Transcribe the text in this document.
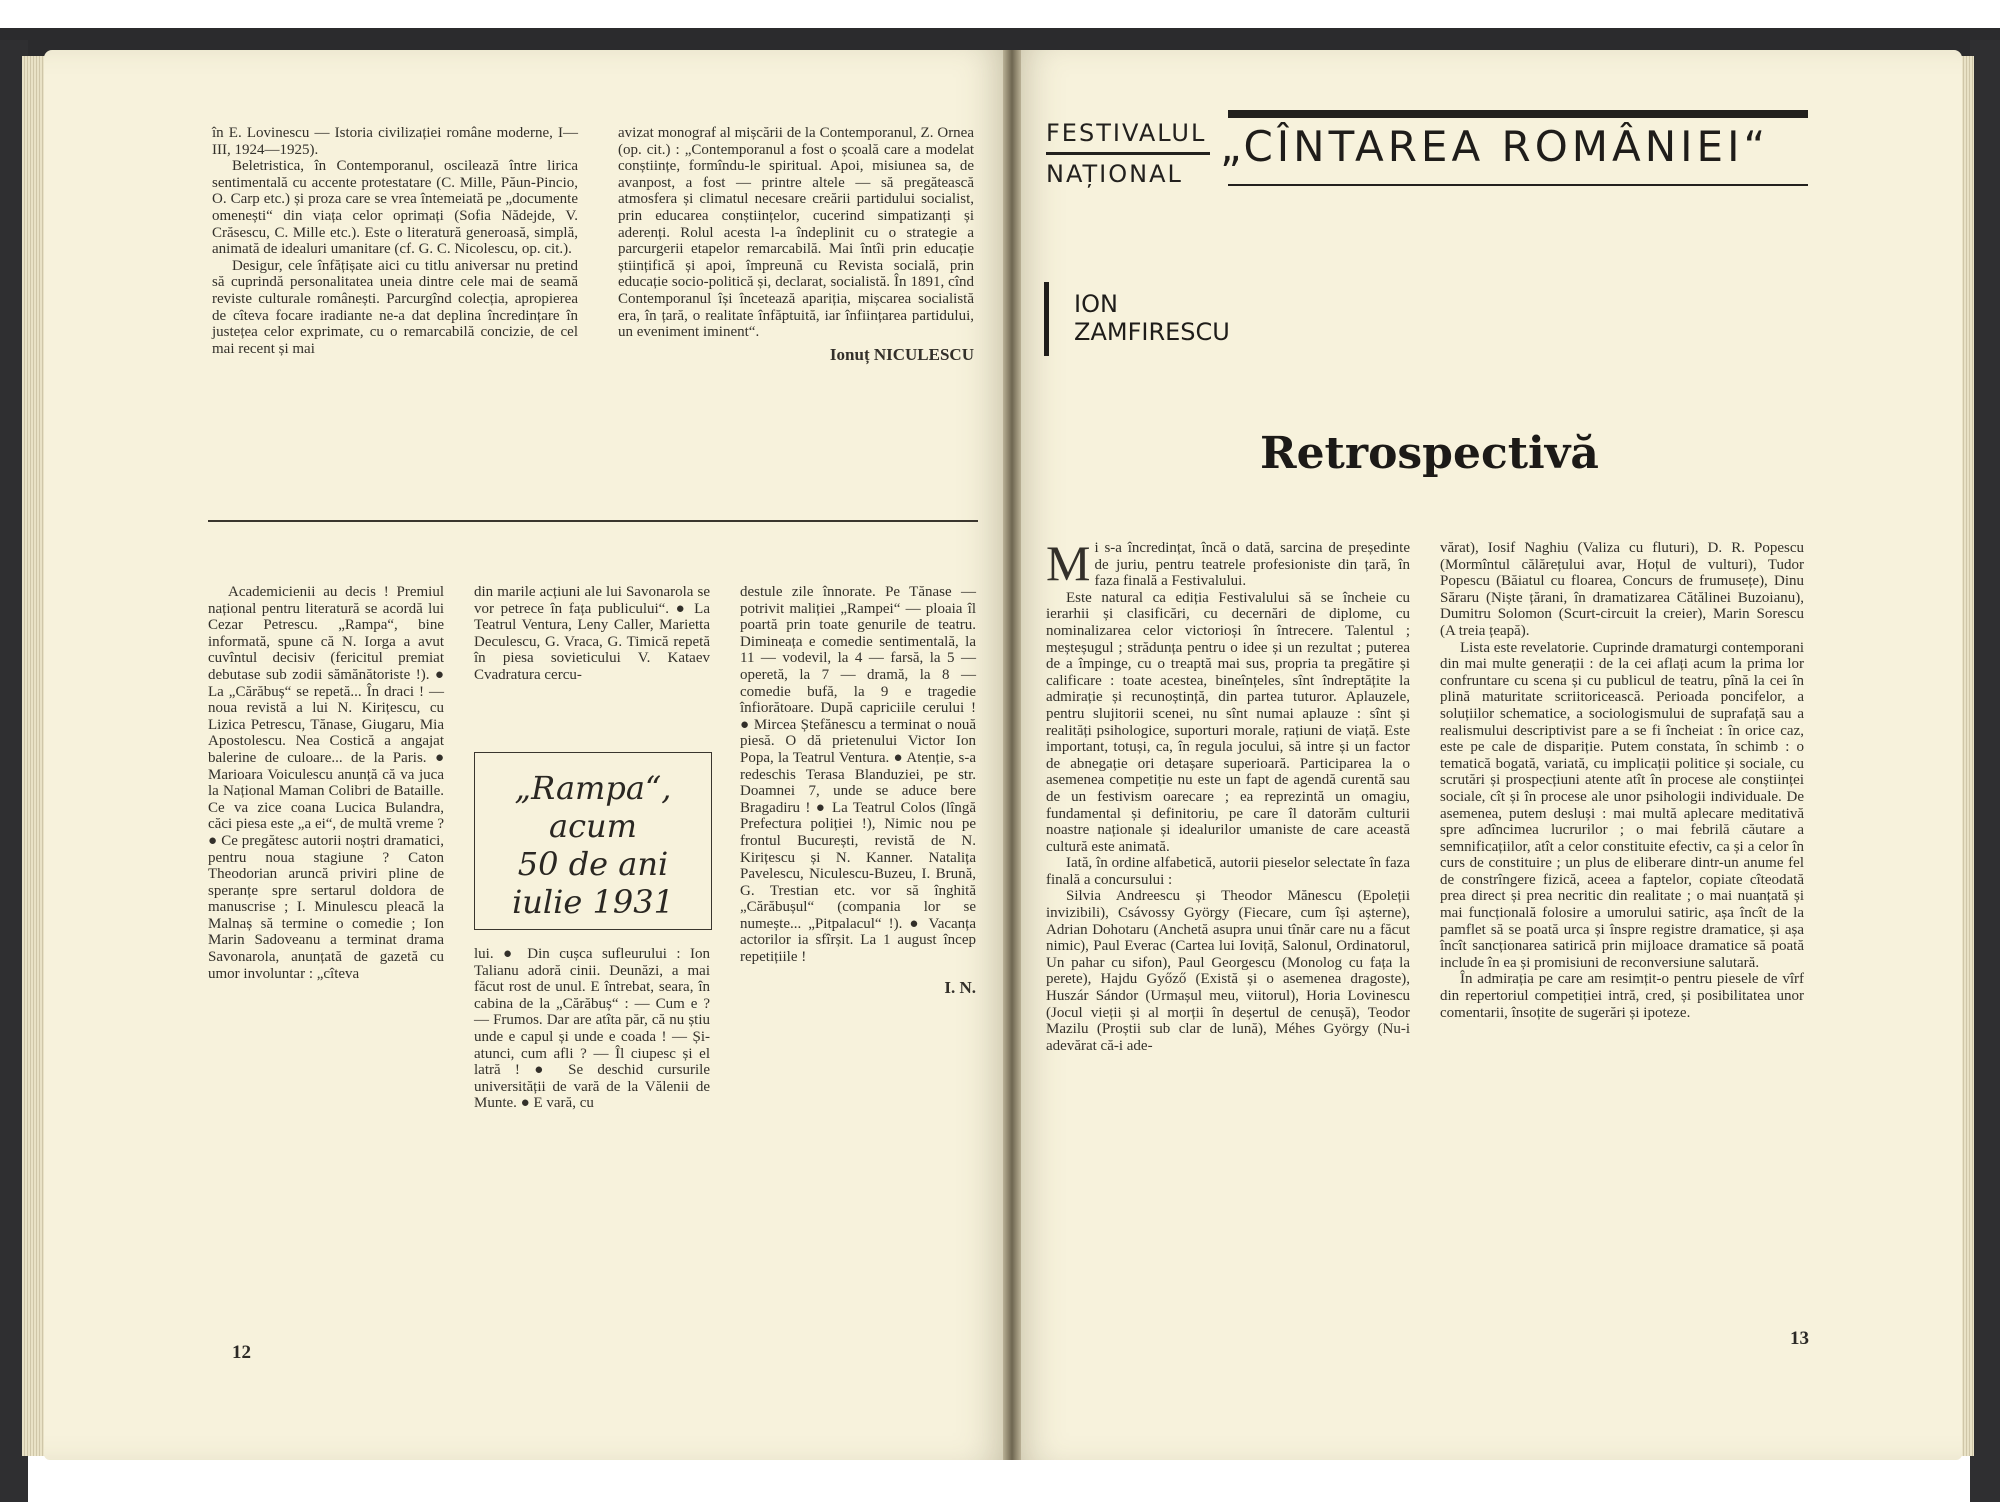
în E. Lovinescu — Istoria civilizației române moderne, I—III, 1924—1925).

Beletristica, în Contemporanul, oscilează între lirica sentimentală cu accente protestatare (C. Mille, Păun-Pincio, O. Carp etc.) și proza care se vrea întemeiată pe „documente omenești“ din viața celor oprimați (Sofia Nădejde, V. Crăsescu, C. Mille etc.). Este o literatură generoasă, simplă, animată de idealuri umanitare (cf. G. C. Nicolescu, op. cit.).

Desigur, cele înfățișate aici cu titlu aniversar nu pretind să cuprindă personalitatea uneia dintre cele mai de seamă reviste culturale românești. Parcurgînd colecția, apropierea de cîteva focare iradiante ne-a dat deplina încredințare în justețea celor exprimate, cu o remarcabilă concizie, de cel mai recent și mai

avizat monograf al mișcării de la Contemporanul, Z. Ornea (op. cit.) : „Contemporanul a fost o școală care a modelat conștiințe, formîndu-le spiritual. Apoi, misiunea sa, de avanpost, a fost — printre altele — să pregătească atmosfera și climatul necesare creării partidului socialist, prin educarea conștiințelor, cucerind simpatizanți și aderenți. Rolul acesta l-a îndeplinit cu o strategie a parcurgerii etapelor remarcabilă. Mai întîi prin educație științifică și apoi, împreună cu Revista socială, prin educație socio-politică și, declarat, socialistă. În 1891, cînd Contemporanul își încetează apariția, mișcarea socialistă era, în țară, o realitate înfăptuită, iar înființarea partidului, un eveniment iminent“.

Ionuț NICULESCU

Academicienii au decis ! Premiul național pentru literatură se acordă lui Cezar Petrescu. „Rampa“, bine informată, spune că N. Iorga a avut cuvîntul decisiv (fericitul premiat debutase sub zodii sămănătoriste !). ● La „Cărăbuș“ se repetă... În draci ! — noua revistă a lui N. Kirițescu, cu Lizica Petrescu, Tănase, Giugaru, Mia Apostolescu. Nea Costică a angajat balerine de culoare... de la Paris. ● Marioara Voiculescu anunță că va juca la Național Maman Colibri de Bataille. Ce va zice coana Lucica Bulandra, căci piesa este „a ei“, de multă vreme ? ● Ce pregătesc autorii noștri dramatici, pentru noua stagiune ? Caton Theodorian aruncă priviri pline de speranțe spre sertarul doldora de manuscrise ; I. Minulescu pleacă la Malnaș să termine o comedie ; Ion Marin Sadoveanu a terminat drama Savonarola, anunțată de gazetă cu umor involuntar : „cîteva

din marile acțiuni ale lui Savonarola se vor petrece în fața publicului“. ● La Teatrul Ventura, Leny Caller, Marietta Deculescu, G. Vraca, G. Timică repetă în piesa sovieticului V. Kataev Cvadratura cercu-

„Rampa“,
acum
50 de ani
iulie 1931

lui. ● Din cușca sufleurului : Ion Talianu adoră cinii. Deunăzi, a mai făcut rost de unul. E întrebat, seara, în cabina de la „Cărăbuș“ : — Cum e ? — Frumos. Dar are atîta păr, că nu știu unde e capul și unde e coada ! — Și-atunci, cum afli ? — Îl ciupesc și el latră ! ● Se deschid cursurile universității de vară de la Vălenii de Munte. ● E vară, cu

destule zile înnorate. Pe Tănase — potrivit maliției „Rampei“ — ploaia îl poartă prin toate genurile de teatru. Dimineața e comedie sentimentală, la 11 — vodevil, la 4 — farsă, la 5 — operetă, la 7 — dramă, la 8 — comedie bufă, la 9 e tragedie înfiorătoare. După capriciile cerului ! ● Mircea Ștefănescu a terminat o nouă piesă. O dă prietenului Victor Ion Popa, la Teatrul Ventura. ● Atenție, s-a redeschis Terasa Blanduziei, pe str. Doamnei 7, unde se aduce bere Bragadiru ! ● La Teatrul Colos (lîngă Prefectura poliției !), Nimic nou pe frontul București, revistă de N. Kirițescu și N. Kanner. Natalița Pavelescu, Niculescu-Buzeu, I. Brună, G. Trestian etc. vor să înghită „Cărăbușul“ (compania lor se numește... „Pitpalacul“ !). ● Vacanța actorilor ia sfîrșit. La 1 august încep repetițiile !

I. N.
12
FESTIVALUL
NAȚIONAL
„CÎNTAREA ROMÂNIEI“
ION
ZAMFIRESCU
Retrospectivă

Mi s-a încredințat, încă o dată, sarcina de președinte de juriu, pentru teatrele profesioniste din țară, în faza finală a Festivalului.

Este natural ca ediția Festivalului să se încheie cu ierarhii și clasificări, cu decernări de diplome, cu nominalizarea celor victorioși în întrecere. Talentul ; meșteșugul ; strădunța pentru o idee și un rezultat ; puterea de a împinge, cu o treaptă mai sus, propria ta pregătire și calificare : toate acestea, bineînțeles, sînt îndreptățite la admirație și recunoștință, din partea tuturor. Aplauzele, pentru slujitorii scenei, nu sînt numai aplauze : sînt și realități psihologice, suporturi morale, rațiuni de viață. Este important, totuși, ca, în regula jocului, să intre și un factor de abnegație ori detașare superioară. Participarea la o asemenea competiție nu este un fapt de agendă curentă sau de un festivism oarecare ; ea reprezintă un omagiu, fundamental și definitoriu, pe care îl datorăm culturii noastre naționale și idealurilor umaniste de care această cultură este animată.

Iată, în ordine alfabetică, autorii pieselor selectate în faza finală a concursului :

Silvia Andreescu și Theodor Mănescu (Epoleții invizibili), Csávossy György (Fiecare, cum își așterne), Adrian Dohotaru (Anchetă asupra unui tînăr care nu a făcut nimic), Paul Everac (Cartea lui Ioviță, Salonul, Ordinatorul, Un pahar cu sifon), Paul Georgescu (Monolog cu fața la perete), Hajdu Győző (Există și o asemenea dragoste), Huszár Sándor (Urmașul meu, viitorul), Horia Lovinescu (Jocul vieții și al morții în deșertul de cenușă), Teodor Mazilu (Proștii sub clar de lună), Méhes György (Nu-i adevărat că-i ade-

vărat), Iosif Naghiu (Valiza cu fluturi), D. R. Popescu (Mormîntul călărețului avar, Hoțul de vulturi), Tudor Popescu (Băiatul cu floarea, Concurs de frumusețe), Dinu Săraru (Niște țărani, în dramatizarea Cătălinei Buzoianu), Dumitru Solomon (Scurt-circuit la creier), Marin Sorescu (A treia țeapă).

Lista este revelatorie. Cuprinde dramaturgi contemporani din mai multe generații : de la cei aflați acum la prima lor confruntare cu scena și cu publicul de teatru, pînă la cei în plină maturitate scriitoricească. Perioada poncifelor, a soluțiilor schematice, a sociologismului de suprafață sau a realismului descriptivist pare a se fi încheiat : în orice caz, este pe cale de dispariție. Putem constata, în schimb : o tematică bogată, variată, cu implicații politice și sociale, cu scrutări și prospecțiuni atente atît în procese ale conștiinței sociale, cît și în procese ale unor psihologii individuale. De asemenea, putem desluși : mai multă aplecare meditativă spre adîncimea lucrurilor ; o mai febrilă căutare a semnificațiilor, atît a celor constituite efectiv, ca și a celor în curs de constituire ; un plus de eliberare dintr-un anume fel de constrîngere fizică, aceea a faptelor, copiate cîteodată prea direct și prea necritic din realitate ; o mai nuanțată și mai funcțională folosire a umorului satiric, așa încît de la pamflet să se poată urca și înspre registre dramatice, și așa încît sancționarea satirică prin mijloace dramatice să poată include în ea și promisiuni de reconversiune salutară.

În admirația pe care am resimțit-o pentru piesele de vîrf din repertoriul competiției intră, cred, și posibilitatea unor comentarii, însoțite de sugerări și ipoteze.

13
